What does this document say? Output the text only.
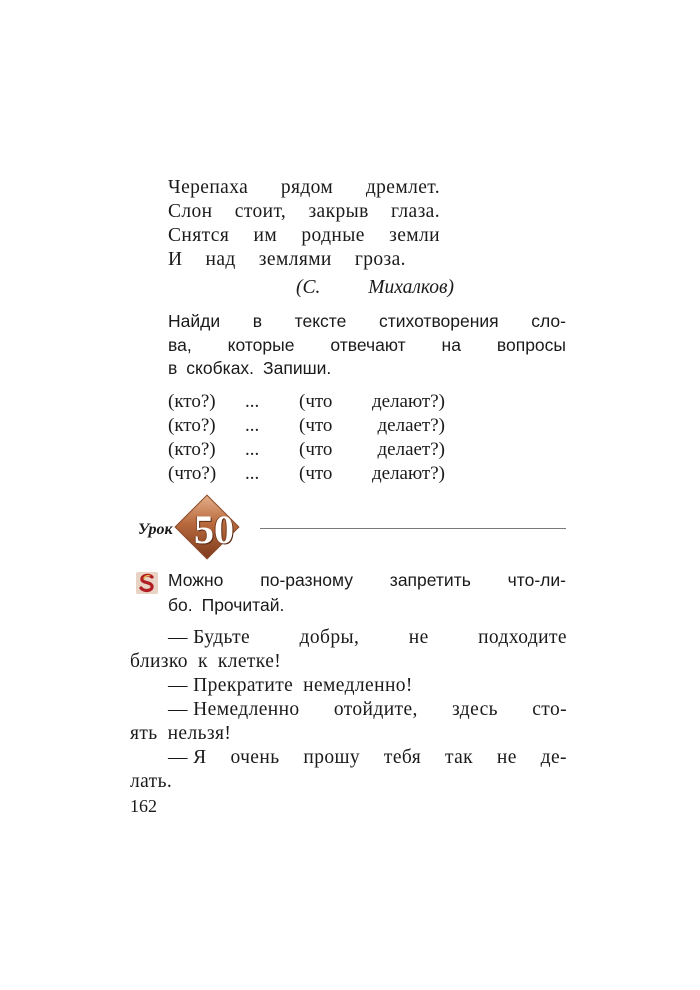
Черепаха рядом дремлет.
Слон стоит, закрыв глаза.
Снятся им родные земли
И над землями гроза.
(С. Михалков)
Найди в тексте стихотворения сло-
ва, которые отвечают на вопросы
в скобках. Запиши.
(кто?) ... (что делают?)
(кто?) ... (что делает?)
(кто?) ... (что делает?)
(что?) ... (что делают?)
Урок 50
Можно по-разному запретить что-ли-
бо. Прочитай.
— Будьте	добры,	не	подходите
близко к клетке!
— Прекратите немедленно!
— Немедленно отойдите, здесь сто-
ять нельзя!
— Я очень прошу тебя так не де-
лать.
162
